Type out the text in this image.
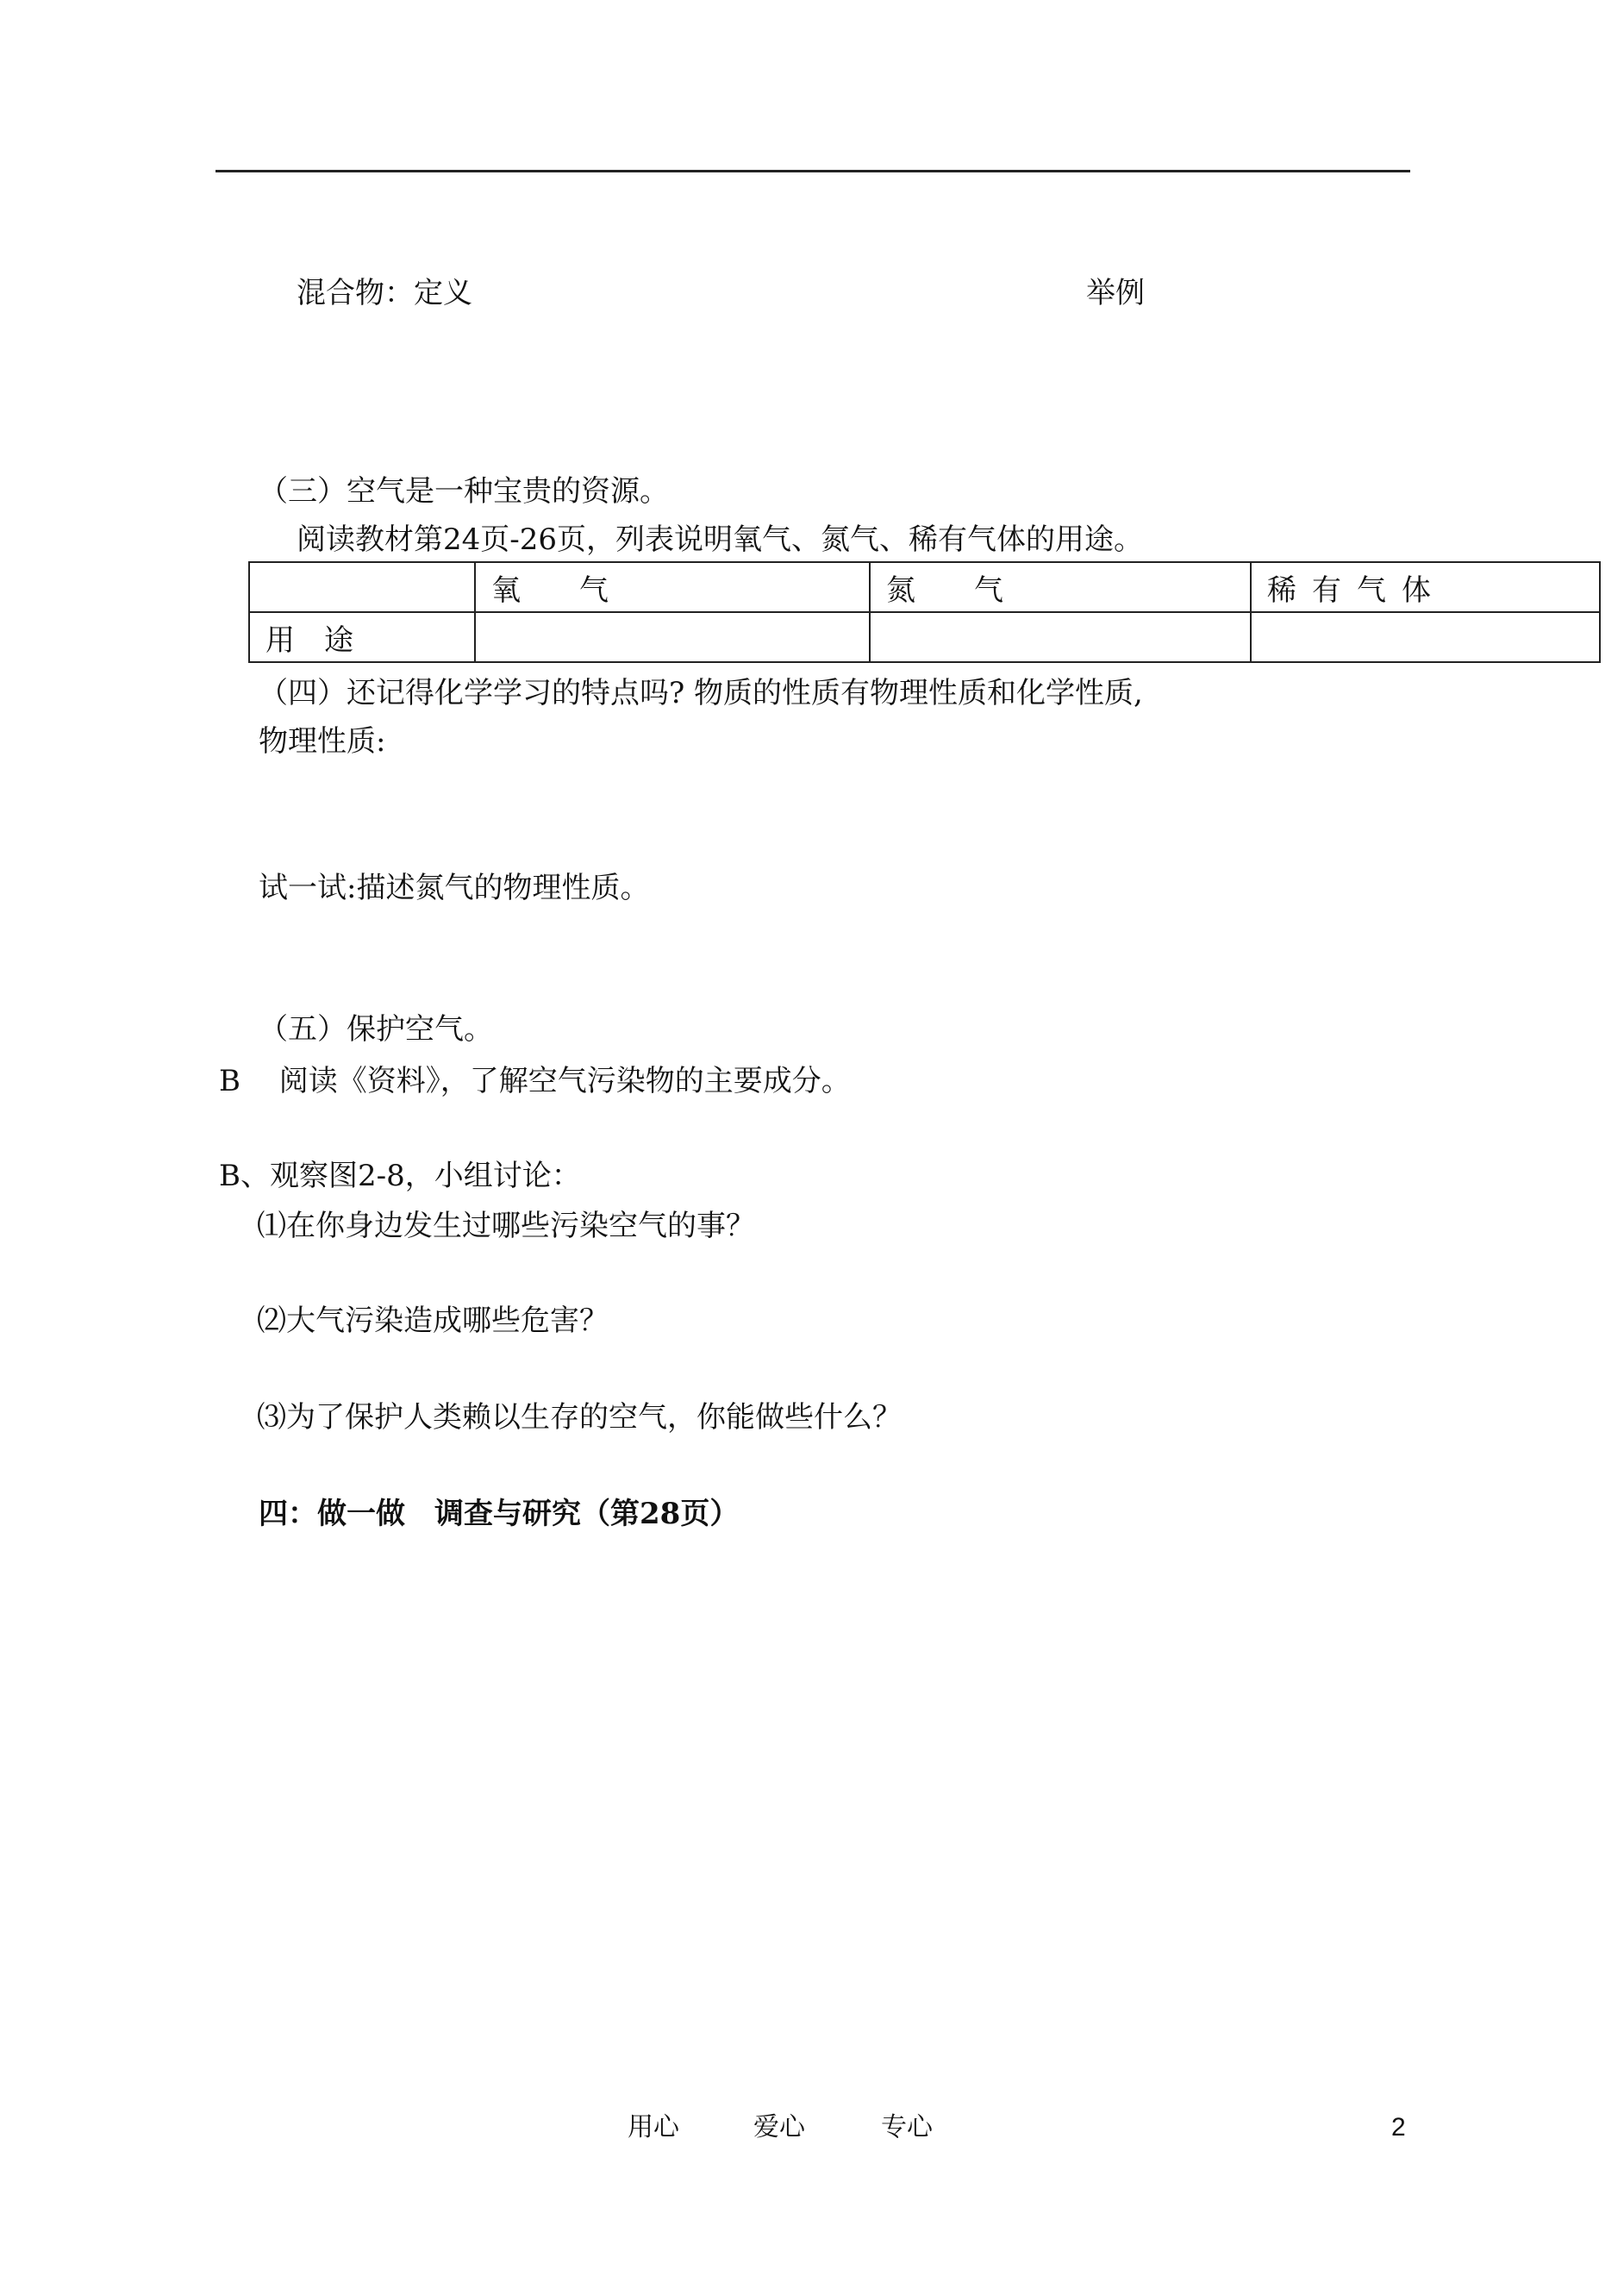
混合物：定义	举例
（三）空气是一种宝贵的资源。
阅读教材第24页-26页，列表说明氧气、氮气、稀有气体的用途。
	氧　　气	氮　　气	稀有气体
用　途			
（四）还记得化学学习的特点吗? 物质的性质有物理性质和化学性质,
物理性质:
试一试:描述氮气的物理性质。
（五）保护空气。
B　 阅读《资料》，了解空气污染物的主要成分。
B、观察图2-8，小组讨论：
⑴在你身边发生过哪些污染空气的事？
⑵大气污染造成哪些危害？
⑶为了保护人类赖以生存的空气，你能做些什么？
四：做一做　调查与研究（第28页）
用心	爱心	专心	2
